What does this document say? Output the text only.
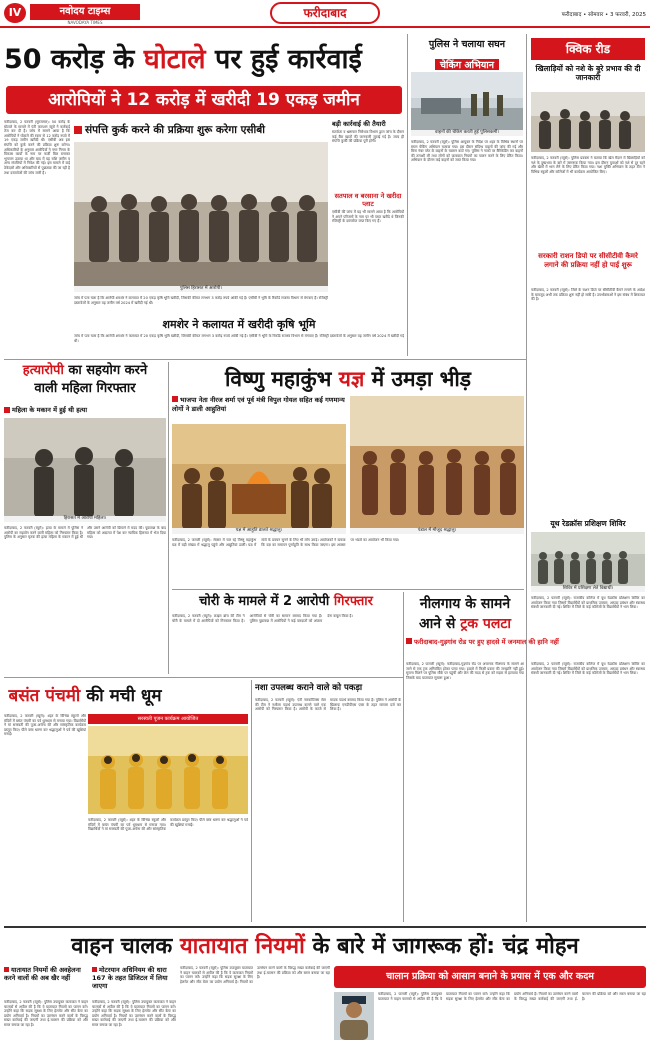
IV	नवोदय टाइम्स
NAVODAYA TIMES
फरीदाबाद	फरीदाबाद • सोमवार • 3 फरवरी, 2025
50 करोड़ के घोटाले पर हुई कार्रवाई
आरोपियों ने 12 करोड़ में खरीदी 19 एकड़ जमीन

फरीदाबाद, 2 फरवरी (सूरजमल): 50 करोड़ के घोटाले के मामले में एंटी करप्शन ब्यूरो ने कार्रवाई तेज कर दी है। जांच में सामने आया है कि आरोपियों ने घोटाले की रकम से 12 करोड़ रुपये में 19 एकड़ जमीन खरीदी थी। एसीबी अब इस संपत्ति को कुर्क करने की प्रक्रिया शुरू करेगा। अधिकारियों के अनुसार आरोपियों ने नगर निगम के विकास कार्यों के नाम पर फर्जी बिल बनाकर भुगतान उठाया था और बाद में यह राशि जमीन व अन्य संपत्तियों में निवेश की गई। इस मामले में कई ठेकेदारों और अधिकारियों से पूछताछ की जा रही है तथा दस्तावेजों की जांच जारी है।

संपत्ति कुर्क करने की प्रक्रिया शुरू करेगा एसीबी
पुलिस हिरासत में आरोपी।

जांच में पता चला है कि आरोपी शमशेर ने कलायत में 20 एकड़ कृषि भूमि खरीदी, जिसकी कीमत लगभग 3 करोड़ रुपये आंकी गई है। एसीबी ने भूमि के रिकॉर्ड राजस्व विभाग से मंगवाए हैं। रजिस्ट्री दस्तावेजों के अनुसार यह जमीन वर्ष 2024 में खरीदी गई थी।

बड़ी कार्रवाई की तैयारी
सतर्कता व भ्रष्टाचार निरोधक विभाग द्वारा जांच के दौरान कई बैंक खातों की जानकारी जुटाई गई है। जल्द ही संपत्ति कुर्की की प्रक्रिया पूरी होगी।
सतपाल व बरसाना ने खरीदा प्लाट
एसीबी की जांच में यह भी सामने आया है कि आरोपियों ने अपने परिजनों के नाम पर भी प्लाट खरीदे थे जिनकी रजिस्ट्री के दस्तावेज जब्त किए गए हैं।
शमशेर ने कलायत में खरीदी कृषि भूमि

जांच में पता चला है कि आरोपी शमशेर ने कलायत में 20 एकड़ कृषि भूमि खरीदी, जिसकी कीमत लगभग 3 करोड़ रुपये आंकी गई है। एसीबी ने भूमि के रिकॉर्ड राजस्व विभाग से मंगवाए हैं। रजिस्ट्री दस्तावेजों के अनुसार यह जमीन वर्ष 2024 में खरीदी गई थी।

पुलिस ने चलाया सघन
चेकिंग अभियान
वाहनों की चेकिंग करती हुई पुलिसकर्मी।

फरीदाबाद, 2 फरवरी (ब्यूरो): पुलिस आयुक्त के निर्देश पर शहर के विभिन्न स्थानों पर सघन चेकिंग अभियान चलाया गया। इस दौरान संदिग्ध वाहनों की जांच की गई और बिना नंबर प्लेट के वाहनों के चालान काटे गए। पुलिस ने नाकों पर बैरिकेडिंग कर वाहनों की तलाशी ली तथा लोगों को यातायात नियमों का पालन करने के लिए प्रेरित किया। अभियान के दौरान कई वाहनों को जब्त किया गया।

क्विक रीड
खिलाड़ियों को नशे के बुरे प्रभाव की दी जानकारी

फरीदाबाद, 2 फरवरी (ब्यूरो): पुलिस प्रवक्ता ने बताया कि खेल मैदान में खिलाड़ियों को नशे के दुष्प्रभाव के बारे में जागरूक किया गया। इस दौरान युवाओं को नशे से दूर रहने और खेलों में भाग लेने के लिए प्रेरित किया गया। नशा मुक्ति अभियान के तहत टीम ने विभिन्न स्कूलों और कॉलेजों में भी कार्यक्रम आयोजित किए।

सरकारी राशन डिपो पर सीसीटीवी कैमरे लगाने की प्रक्रिया नहीं हो पाई शुरू

फरीदाबाद, 2 फरवरी (ब्यूरो): जिले के राशन डिपो पर सीसीटीवी कैमरे लगाने के आदेश के बावजूद अभी तक प्रक्रिया शुरू नहीं हो सकी है। उपभोक्ताओं ने इस संबंध में शिकायत की है।

यूथ रेडक्रॉस प्रशिक्षण शिविर
शिविर में प्रशिक्षण लेते विद्यार्थी।

फरीदाबाद, 2 फरवरी (ब्यूरो): राजकीय कॉलेज में यूथ रेडक्रॉस प्रशिक्षण शिविर का आयोजन किया गया जिसमें विद्यार्थियों को प्राथमिक उपचार, आपदा प्रबंधन और स्वास्थ्य संबंधी जानकारी दी गई। शिविर में जिले के कई कॉलेजों के विद्यार्थियों ने भाग लिया।

हत्यारोपी का सहयोग करने
वाली महिला गिरफ्तार
महिला के मकान में हुई थी हत्या
हिरासत में आरोपी महिला।

फरीदाबाद, 2 फरवरी (ब्यूरो): हत्या के मामले में पुलिस ने आरोपी का सहयोग करने वाली महिला को गिरफ्तार किया है। पुलिस के अनुसार मृतक की हत्या महिला के मकान में हुई थी और उसने आरोपी को छिपाने में मदद की। पूछताछ के बाद महिला को अदालत में पेश कर न्यायिक हिरासत में भेज दिया गया।

विष्णु महाकुंभ यज्ञ में उमड़ा भीड़
भाजपा नेता नीरज शर्मा एवं पूर्व मंत्री विपुल गोयल सहित कई गणमान्य लोगों ने डाली आहुतियां
यज्ञ में आहुति डालते श्रद्धालु।	पंडाल में मौजूद श्रद्धालु।

फरीदाबाद, 2 फरवरी (ब्यूरो): सेक्टर में चल रहे विष्णु महाकुंभ यज्ञ में बड़ी संख्या में श्रद्धालु पहुंचे और आहुतियां डालीं। यज्ञ में संतों के प्रवचन सुनने के लिए भी लोग उमड़े। आयोजकों ने बताया कि यज्ञ का समापन पूर्णाहुति के साथ किया जाएगा। इस अवसर पर भंडारे का आयोजन भी किया गया।

चोरी के मामले में 2 आरोपी गिरफ्तार

फरीदाबाद, 2 फरवरी (ब्यूरो): क्राइम ब्रांच की टीम ने चोरी के मामले में दो आरोपियों को गिरफ्तार किया है। आरोपियों से चोरी का सामान बरामद किया गया है। पुलिस पूछताछ में आरोपियों ने कई वारदातों को अंजाम देना कबूल किया है।

नीलगाय के सामने
आने से ट्रक पलटा
फरीदाबाद-गुड़गांव रोड पर हुए हादसे में जनमाल की हानि नहीं

फरीदाबाद, 2 फरवरी (ब्यूरो): फरीदाबाद-गुड़गांव रोड पर अचानक नीलगाय के सामने आ जाने से एक ट्रक अनियंत्रित होकर पलट गया। हादसे में किसी प्रकार की जनहानि नहीं हुई। सूचना मिलने पर पुलिस मौके पर पहुंची और क्रेन की मदद से ट्रक को सड़क से हटवाया गया जिसके बाद यातायात सुचारू हुआ।

फरीदाबाद, 2 फरवरी (ब्यूरो): राजकीय कॉलेज में यूथ रेडक्रॉस प्रशिक्षण शिविर का आयोजन किया गया जिसमें विद्यार्थियों को प्राथमिक उपचार, आपदा प्रबंधन और स्वास्थ्य संबंधी जानकारी दी गई। शिविर में जिले के कई कॉलेजों के विद्यार्थियों ने भाग लिया।

बसंत पंचमी की मची धूम

फरीदाबाद, 2 फरवरी (ब्यूरो): शहर के विभिन्न स्कूलों और मंदिरों में बसंत पंचमी का पर्व धूमधाम से मनाया गया। विद्यार्थियों ने मां सरस्वती की पूजा-अर्चना की और सांस्कृतिक कार्यक्रम प्रस्तुत किए। पीले वस्त्र धारण कर श्रद्धालुओं ने पर्व की खुशियां मनाईं।

सरस्वती पूजन कार्यक्रम आयोजित

फरीदाबाद, 2 फरवरी (ब्यूरो): शहर के विभिन्न स्कूलों और मंदिरों में बसंत पंचमी का पर्व धूमधाम से मनाया गया। विद्यार्थियों ने मां सरस्वती की पूजा-अर्चना की और सांस्कृतिक कार्यक्रम प्रस्तुत किए। पीले वस्त्र धारण कर श्रद्धालुओं ने पर्व की खुशियां मनाईं।

नशा उपलब्ध कराने वाले को पकड़ा

फरीदाबाद, 2 फरवरी (ब्यूरो): एंटी नारकोटिक्स सेल की टीम ने नशीला पदार्थ उपलब्ध कराने वाले एक आरोपी को गिरफ्तार किया है। आरोपी के कब्जे से मादक पदार्थ बरामद किया गया है। पुलिस ने आरोपी के खिलाफ एनडीपीएस एक्ट के तहत मामला दर्ज कर लिया है।

वाहन चालक यातायात नियमों के बारे में जागरूक हों: चंद्र मोहन
यातायात नियमों की अवहेलना करने वालों की अब खैर नहीं

फरीदाबाद, 2 फरवरी (ब्यूरो): पुलिस उपायुक्त यातायात ने वाहन चालकों से अपील की है कि वे यातायात नियमों का पालन करें। उन्होंने कहा कि सड़क सुरक्षा के लिए हेलमेट और सीट बेल्ट का प्रयोग अनिवार्य है। नियमों का उल्लंघन करने वालों के विरुद्ध सख्त कार्रवाई की जाएगी तथा ई-चालान की प्रक्रिया को और सरल बनाया जा रहा है।

मोटरयान अधिनियम की धारा 167 के तहत डिजिटल में लिया जाएगा

फरीदाबाद, 2 फरवरी (ब्यूरो): पुलिस उपायुक्त यातायात ने वाहन चालकों से अपील की है कि वे यातायात नियमों का पालन करें। उन्होंने कहा कि सड़क सुरक्षा के लिए हेलमेट और सीट बेल्ट का प्रयोग अनिवार्य है। नियमों का उल्लंघन करने वालों के विरुद्ध सख्त कार्रवाई की जाएगी तथा ई-चालान की प्रक्रिया को और सरल बनाया जा रहा है।

फरीदाबाद, 2 फरवरी (ब्यूरो): पुलिस उपायुक्त यातायात ने वाहन चालकों से अपील की है कि वे यातायात नियमों का पालन करें। उन्होंने कहा कि सड़क सुरक्षा के लिए हेलमेट और सीट बेल्ट का प्रयोग अनिवार्य है। नियमों का उल्लंघन करने वालों के विरुद्ध सख्त कार्रवाई की जाएगी तथा ई-चालान की प्रक्रिया को और सरल बनाया जा रहा है।	चालान प्रक्रिया को आसान बनाने के प्रयास में एक और कदम

फरीदाबाद, 2 फरवरी (ब्यूरो): पुलिस उपायुक्त यातायात ने वाहन चालकों से अपील की है कि वे यातायात नियमों का पालन करें। उन्होंने कहा कि सड़क सुरक्षा के लिए हेलमेट और सीट बेल्ट का प्रयोग अनिवार्य है। नियमों का उल्लंघन करने वालों के विरुद्ध सख्त कार्रवाई की जाएगी तथा ई-चालान की प्रक्रिया को और सरल बनाया जा रहा है।
